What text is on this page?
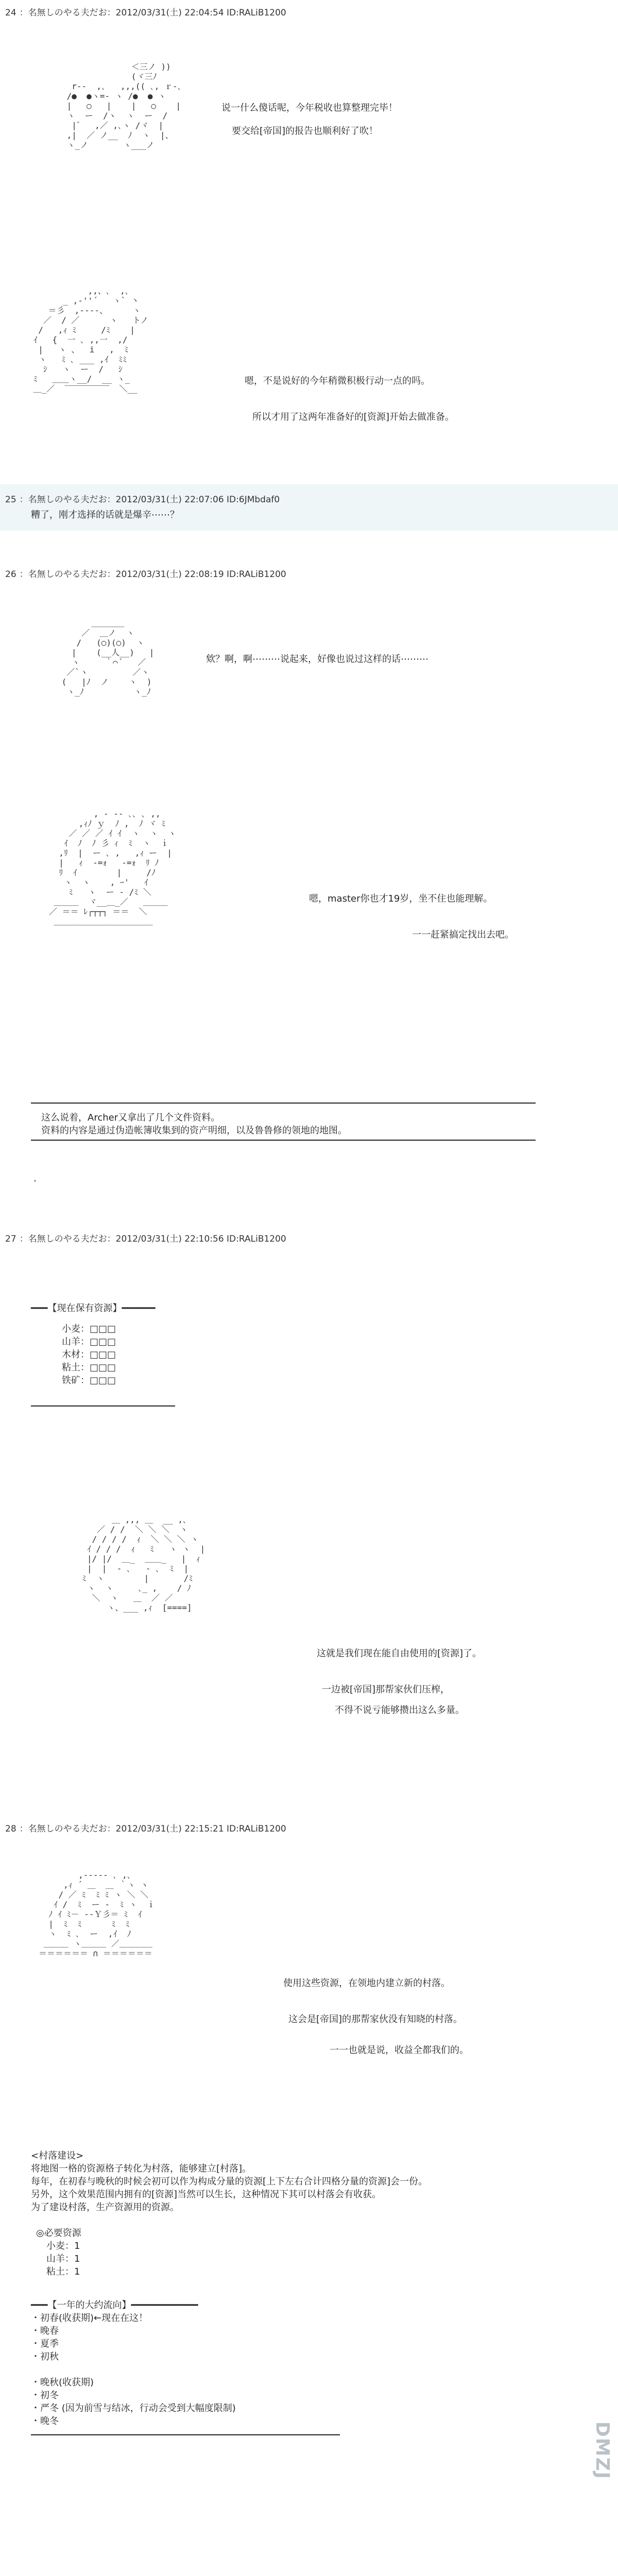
24 ：名無しのやる夫だお：2012/03/31(土) 22:04:54 ID:RALiB1200
＜三ノ ))
(ヾ三ﾉ
r‐-  ,､   ,,,(( ､, ｒ-､
/●  ●ヽ=- ヽ /●  ● ヽ
|   ○   |    |   ○    |
ヽ  ー  /ヽ  ヽ  ー  /
|゛  ,／ ,､ヽ /ヾ  |
,|  ／ ノ__  ﾉ  ヽ  |、
ヽ_ノ       ヽ___ノ
说一什么傻话呢，今年税收也算整理完毕！
要交给[帝国]的报告也顺利好了吹！
,,、､  ,､
_ ,-''´   ヽ` 丶
＝彡  ,-‐‐‐、     ヽ
／  / ／      ヽ   トノ
/   ,ｨ ﾐ     /ﾐ    |
ｲ   {  一 ､ ,,一  ,/
|   ヽ 、  i   ,  ﾐ
ヽ   ﾐ ､ ___ ,ｲ  ﾐﾐ
ｼ   ヽ  ー  /   ｼ
ﾐ   ＿＿ヽ__/  __ ヽ_
＿_／  ‾‾‾‾‾‾‾‾‾  ＼__
嗯，不是说好的今年稍微积极行动一点的吗。
所以才用了这两年准备好的[资源]开始去做准备。
25 ：名無しのやる夫だお：2012/03/31(土) 22:07:06 ID:6JMbdaf0
糟了，刚才选择的话就是爆辛⋯⋯？
26 ：名無しのやる夫だお：2012/03/31(土) 22:08:19 ID:RALiB1200
＿＿＿＿
／  ＿ノ  ヽ
/   (○)(○)  ヽ
|    (__人__)   |
ヽ     ｀⌒´   ／
／`ヽ         ／ヽ
(   |ﾉ  ノ    ヽ  )
ヽ_ﾉ          ヽ_ﾉ
欸？啊，啊⋯⋯⋯说起来，好像也说过这样的话⋯⋯⋯
, - ‐‐ ､､ ､ ,,
,ｨﾉ ｙ  ﾉ ,  ﾉ ヾ ﾐ
／ ／ ／ ｲ ｲ  ヽ  ヽ  ヽ
ｲ  ﾉ  ﾉ 彡 ｨ  ﾐ  ヽ  ｉ
,ﾘ  |  ー ､ ,   ,ｨ ー  |
|   ｨ  ‐=ｫ   ‐=ｫ  ﾘ ﾉ
ﾘ  ｲ        |     /ﾉ
ヽ  ヽ    , ｰ'   ｲ
ﾐ   ヽ  ー ‐ /ﾐ ＼
＿＿＿  ヾ__＿_／   ＿＿＿
／ ＝＝ ﾚ┌┬┬┐ ＝＝  ＼
＿＿＿＿＿＿＿＿＿＿＿＿
嗯，master你也才19岁，坐不住也能理解。
一一赶紧搞定找出去吧。
这么说着，Archer又拿出了几个文件资料。
资料的内容是通过伪造帐簿收集到的资产明细，以及鲁鲁修的领地的地图。
・
27 ：名無しのやる夫だお：2012/03/31(土) 22:10:56 ID:RALiB1200
━━━【现在保有资源】━━━━━━
小麦：□□□
山羊：□□□
木材：□□□
粘土：□□□
铁矿：□□□
＿ ,,, ＿  __ ,､
／ / /  ＼ ＼ ＼  ヽ
/ / / /  ｨ  ＼ ＼ ＼ ヽ
ｲ / / /  ｨ   ﾐ   ヽ ヽ  |
|/ |/  ＿_  ＿＿_   |  ｨ
|  |  ‐ ､   ‐ ､  ﾐ  |
ﾐ  ヽ        |       /ﾐ
ヽ  ヽ     ､_ ,    / ﾉ
＼  ヽ   ＿  ／ ／
ヽ、___ ,ｨ  [====]
这就是我们现在能自由使用的[资源]了。
一边被[帝国]那帮家伙们压榨，
不得不说亏能够攒出这么多量。
28 ：名無しのやる夫だお：2012/03/31(土) 22:15:21 ID:RALiB1200
,-‐‐‐‐ ､ ,､
,ｨ ´ ＿  ＿ ｀ヽ ヽ
/ ／ ﾐ  ﾐ ﾐ ヽ ＼ ＼
ｲ /  ﾐ  ー ‐  ﾐ ヽ  ｉ
ﾉ ｲ ﾐ－ ‐‐Ｙ彡＝ ﾐ  ｲ
|  ﾐ  ﾐ      ﾐ  ﾐ
ヽ  ﾐ ､  ー  ,ｲ  ﾉ
＿＿＿ ヽ＿＿＿ ／＿＿＿＿
＝＝＝＝＝＝ ∩ ＝＝＝＝＝＝
使用这些资源，在领地内建立新的村落。
这会是[帝国]的那帮家伙没有知晓的村落。
一一也就是说，收益全都我们的。
<村落建设>
将地图一格的资源格子转化为村落，能够建立[村落]。
每年，在初春与晚秋的时候会初可以作为构成分量的资源[上下左右合计四格分量的资源]会一份。
另外，这个效果范围内拥有的[资源]当然可以生长，这种情况下其可以村落会有收获。
为了建设村落，生产资源用的资源。
◎必要资源
小麦：1
山羊：1
粘土：1
━━━【一年的大约流向】━━━━━━━━━━━━
・初春(收获期)←现在在这！
・晚春
・夏季
・初秋
・晚秋(收获期)
・初冬
・严冬 (因为前雪与结冰，行动会受到大幅度限制)
・晚冬
DMZJ
